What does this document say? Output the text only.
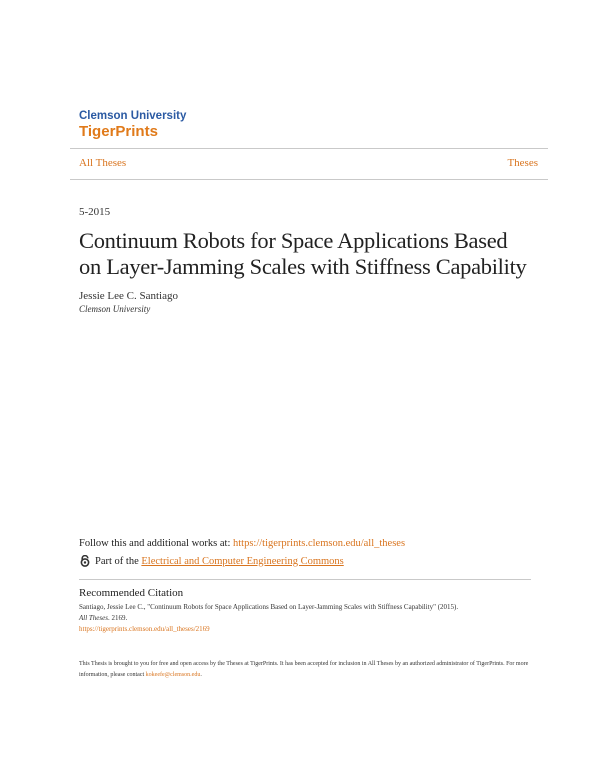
Clemson University
TigerPrints
All Theses	Theses
5-2015
Continuum Robots for Space Applications Based
on Layer-Jamming Scales with Stiffness Capability
Jessie Lee C. Santiago
Clemson University
Follow this and additional works at: https://tigerprints.clemson.edu/all_theses
Part of the
Electrical and Computer Engineering Commons
Recommended Citation
Santiago, Jessie Lee C., "Continuum Robots for Space Applications Based on Layer-Jamming Scales with Stiffness Capability" (2015).
All Theses. 2169.
https://tigerprints.clemson.edu/all_theses/2169
This Thesis is brought to you for free and open access by the Theses at TigerPrints. It has been accepted for inclusion in All Theses by an authorized administrator of TigerPrints. For more information, please contact kokeefe@clemson.edu.
